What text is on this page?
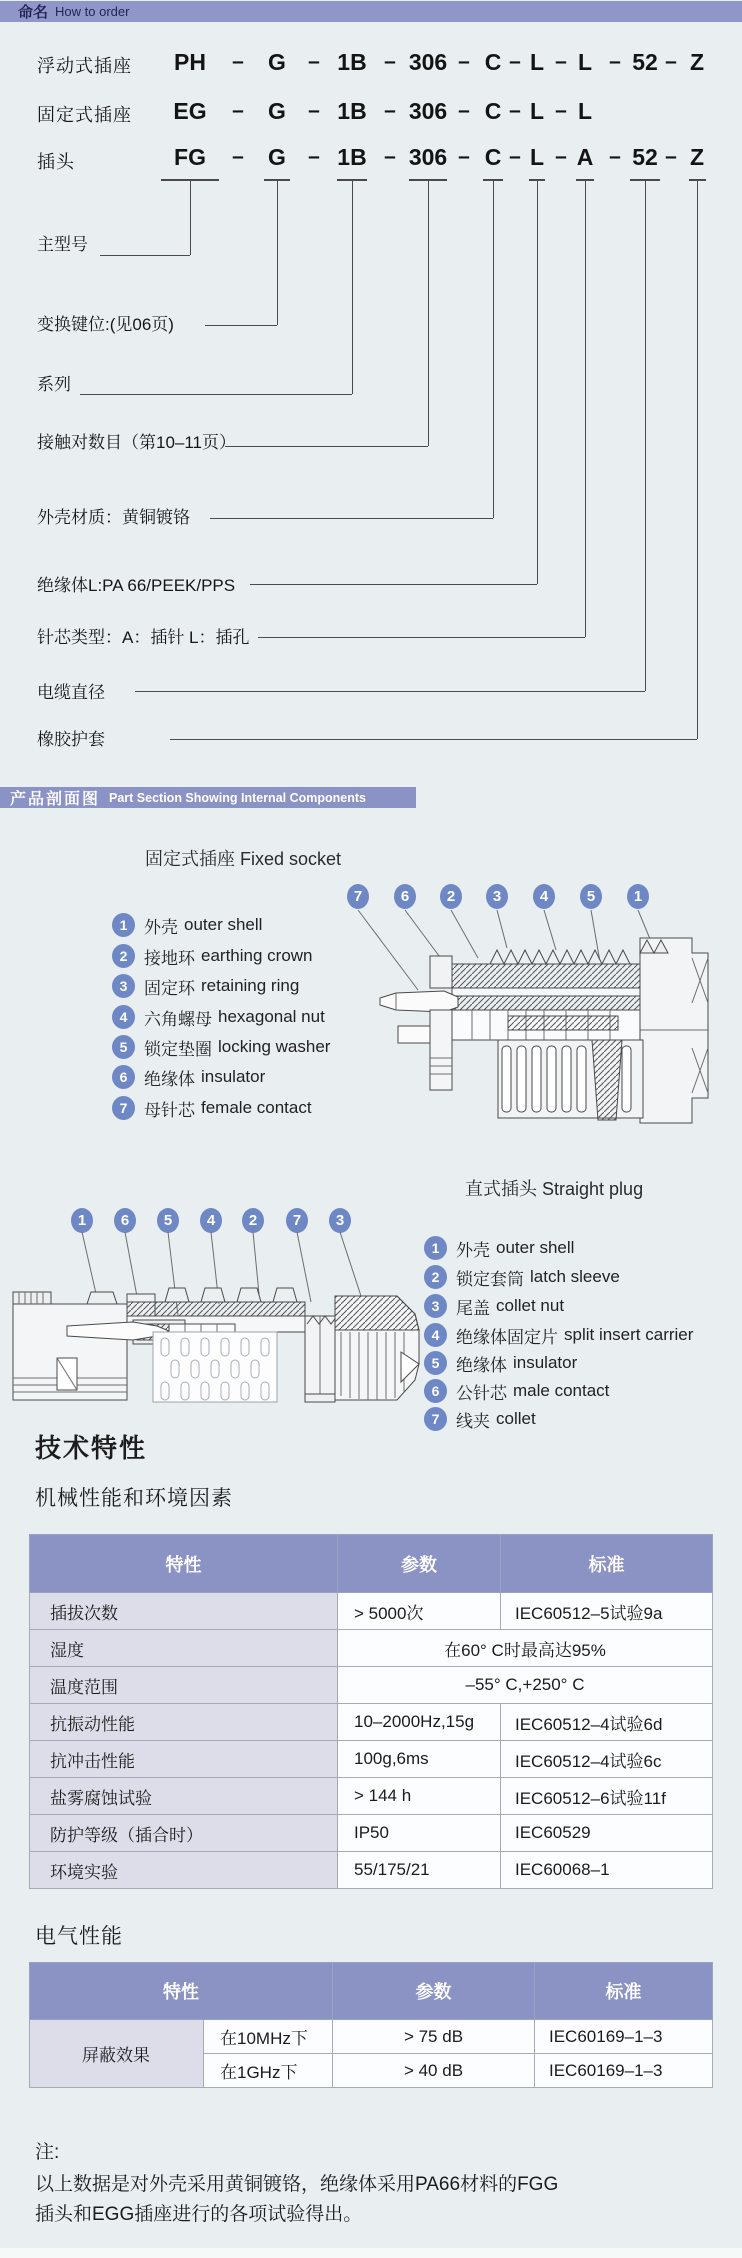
命名 How to order
浮动式插座
固定式插座
插头
PH	G 1B 306 C L L 52 Z
–	–	–	– – – – –
EG	G 1B 306 C L L
–	–	–	– – –
FG	G 1B 306 C L A 52 Z
–	–	–	– – – – –
主型号
变换键位:(见06页)
系列
接触对数目（第10–11页）
外壳材质：黄铜镀铬
绝缘体L:PA 66/PEEK/PPS
针芯类型：A：插针 L：插孔
电缆直径
橡胶护套
产品剖面图 Part Section Showing Internal Components
固定式插座 Fixed socket
7	6	2	3	4	5	1
1 外壳 outer shell
2 接地环 earthing crown
3 固定环 retaining ring
4 六角螺母 hexagonal nut
5 锁定垫圈 locking washer
6 绝缘体 insulator
7 母针芯 female contact
直式插头 Straight plug
1	6	5	4	2	7	3
1 外壳 outer shell
2 锁定套筒 latch sleeve
3 尾盖 collet nut
4 绝缘体固定片 split insert carrier
5 绝缘体 insulator
6 公针芯 male contact
7 线夹 collet
技术特性
机械性能和环境因素
特性	参数	标准
插拔次数	> 5000次	IEC60512–5试验9a
湿度	在60° C时最高达95%	
温度范围	–55° C,+250° C	
抗振动性能	10–2000Hz,15g	IEC60512–4试验6d
抗冲击性能	100g,6ms	IEC60512–4试验6c
盐雾腐蚀试验	> 144 h	IEC60512–6试验11f
防护等级（插合时）	IP50	IEC60529
环境实验	55/175/21	IEC60068–1
电气性能
特性		参数	标准
屏蔽效果	在10MHz下	> 75 dB	IEC60169–1–3
	在1GHz下	> 40 dB	IEC60169–1–3
注:
以上数据是对外壳采用黄铜镀铬，绝缘体采用PA66材料的FGG
插头和EGG插座进行的各项试验得出。
